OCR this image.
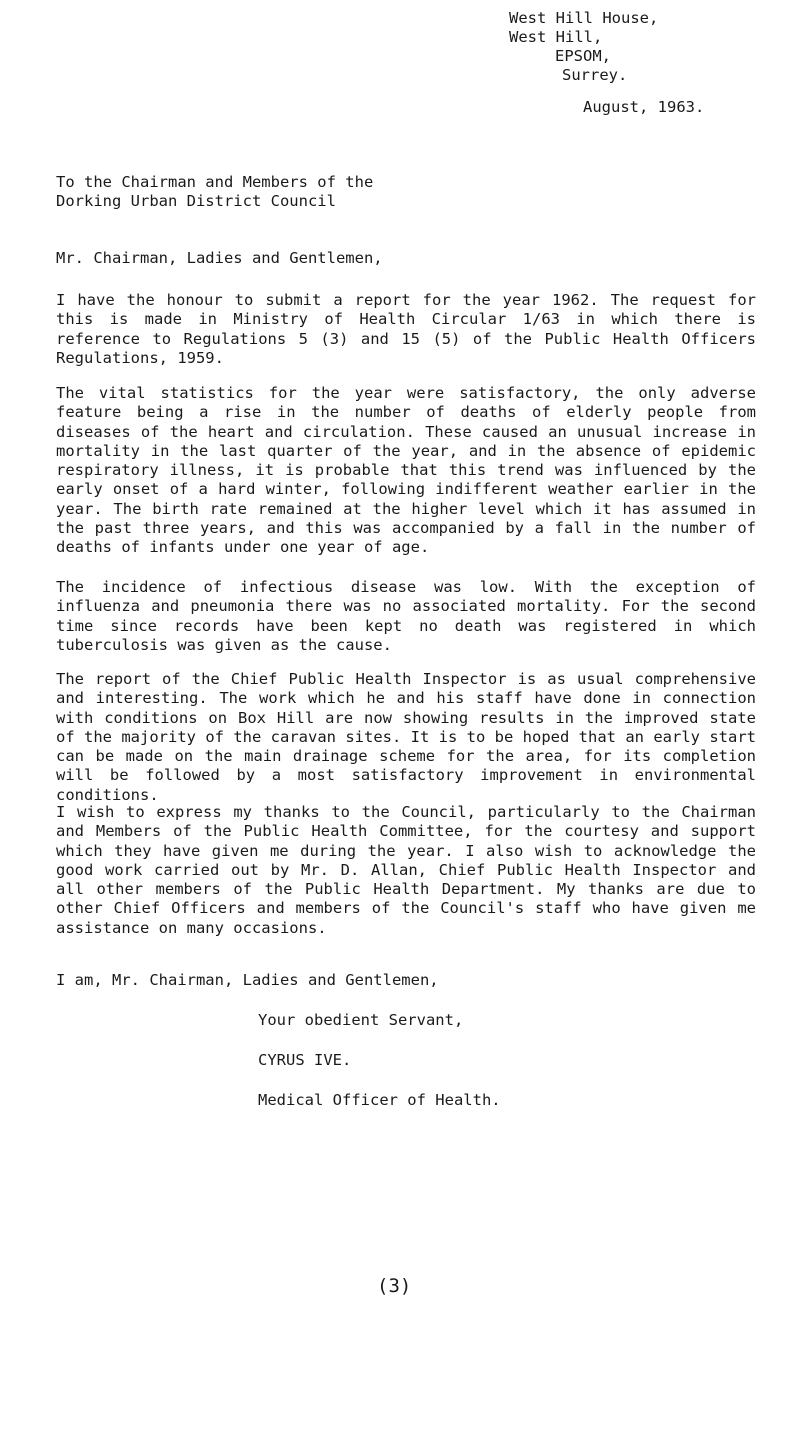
West Hill House,
West Hill,
EPSOM,
Surrey.
August, 1963.
To the Chairman and Members of the
Dorking Urban District Council
Mr. Chairman, Ladies and Gentlemen,
I have the honour to submit a report for the year 1962. The request for this is made in Ministry of Health Circular 1/63 in which there is reference to Regulations 5 (3) and 15 (5) of the Public Health Officers Regulations, 1959.
The vital statistics for the year were satisfactory, the only adverse feature being a rise in the number of deaths of elderly people from diseases of the heart and circulation. These caused an unusual increase in mortality in the last quarter of the year, and in the absence of epidemic respiratory illness, it is probable that this trend was influenced by the early onset of a hard winter, following indifferent weather earlier in the year. The birth rate remained at the higher level which it has assumed in the past three years, and this was accompanied by a fall in the number of deaths of infants under one year of age.
The incidence of infectious disease was low. With the exception of influenza and pneumonia there was no associated mortality. For the second time since records have been kept no death was registered in which tuberculosis was given as the cause.
The report of the Chief Public Health Inspector is as usual comprehensive and interesting. The work which he and his staff have done in connection with conditions on Box Hill are now showing results in the improved state of the majority of the caravan sites. It is to be hoped that an early start can be made on the main drainage scheme for the area, for its completion will be followed by a most satisfactory improvement in environmental conditions.
I wish to express my thanks to the Council, particularly to the Chairman and Members of the Public Health Committee, for the courtesy and support which they have given me during the year. I also wish to acknowledge the good work carried out by Mr. D. Allan, Chief Public Health Inspector and all other members of the Public Health Department. My thanks are due to other Chief Officers and members of the Council's staff who have given me assistance on many occasions.
I am, Mr. Chairman, Ladies and Gentlemen,
Your obedient Servant,
CYRUS IVE.
Medical Officer of Health.
(3)
